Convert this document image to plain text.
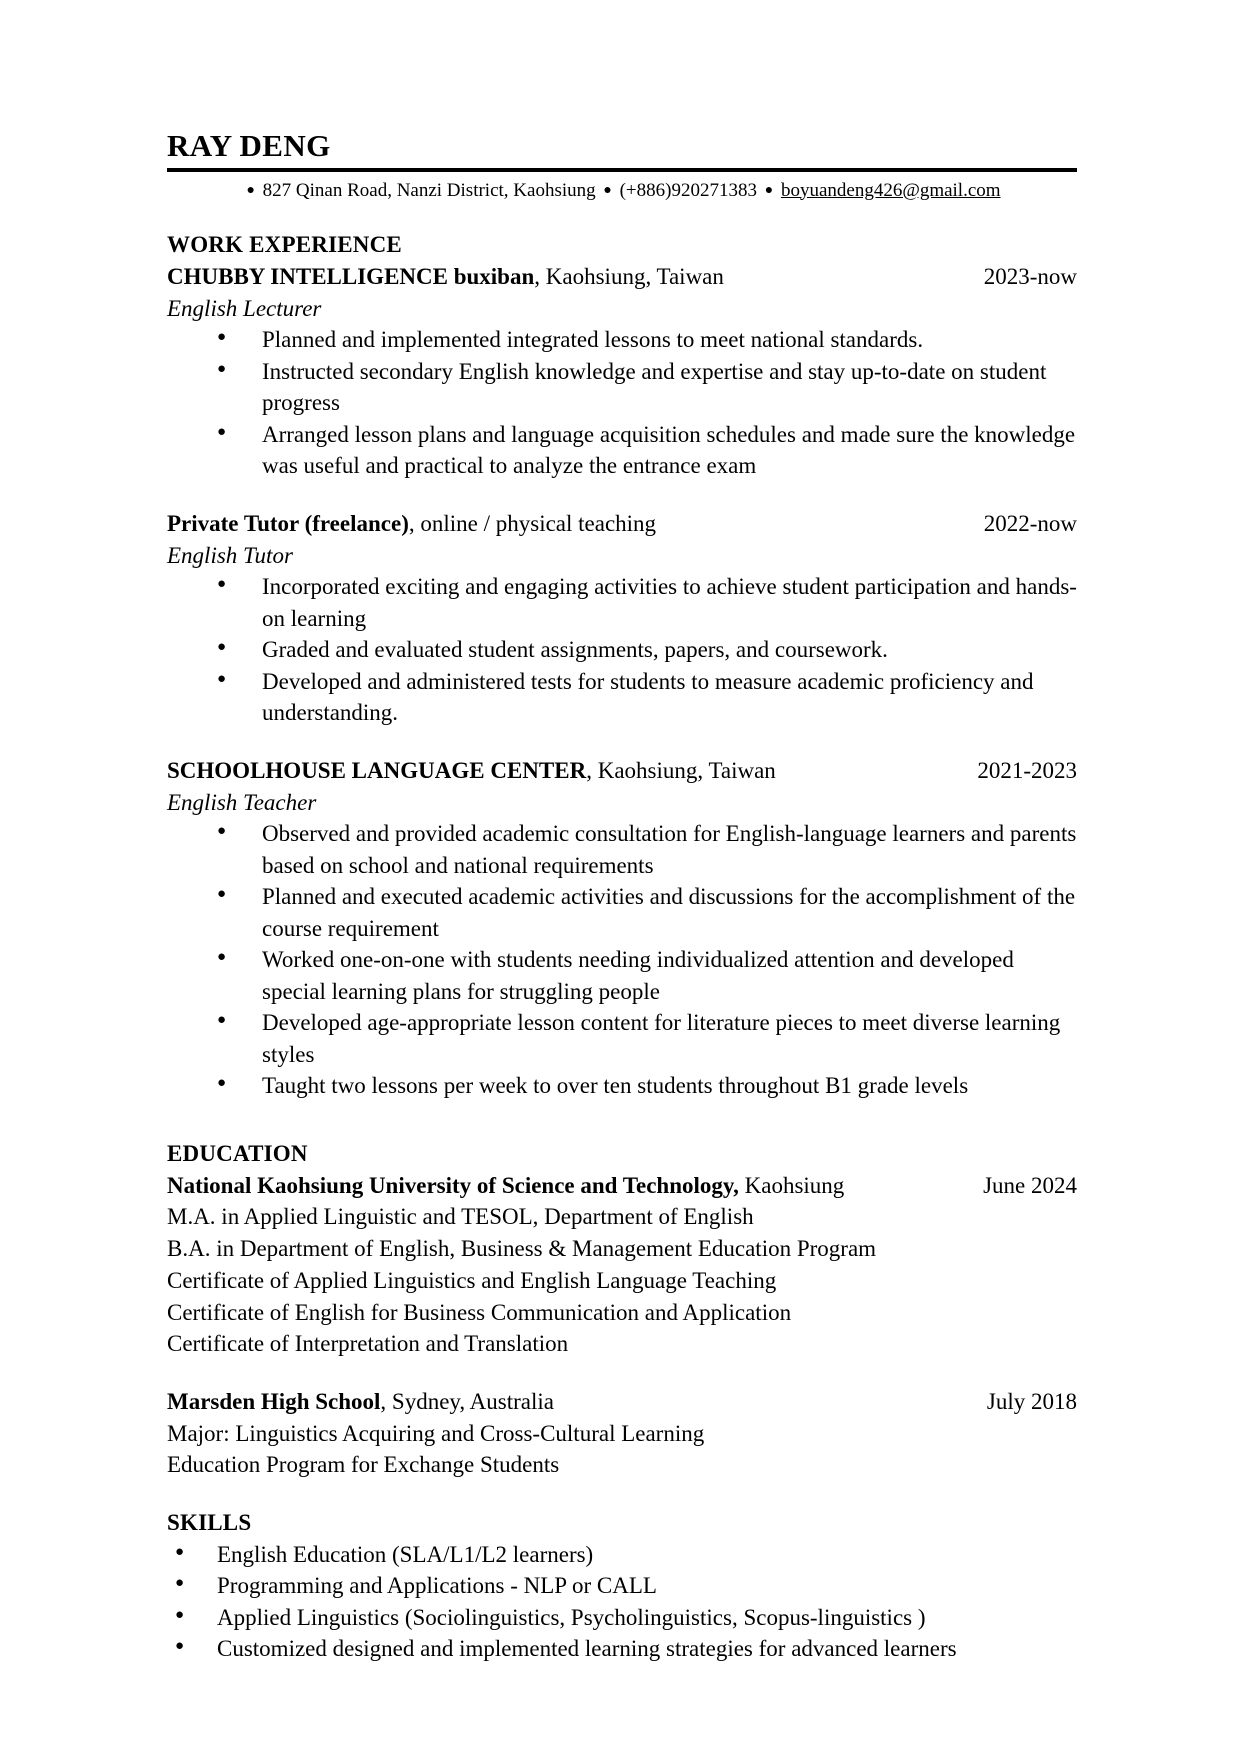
RAY DENG

● 827 Qinan Road, Nanzi District, Kaohsiung ● (+886)920271383 ● boyuandeng426@gmail.com

WORK EXPERIENCE
CHUBBY INTELLIGENCE buxiban, Kaohsiung, Taiwan	2023-now
English Lecturer
● Planned and implemented integrated lessons to meet national standards.
● Instructed secondary English knowledge and expertise and stay up-to-date on student progress
● Arranged lesson plans and language acquisition schedules and made sure the knowledge was useful and practical to analyze the entrance exam
Private Tutor (freelance), online / physical teaching	2022-now
English Tutor
● Incorporated exciting and engaging activities to achieve student participation and hands-on learning
● Graded and evaluated student assignments, papers, and coursework.
● Developed and administered tests for students to measure academic proficiency and understanding.
SCHOOLHOUSE LANGUAGE CENTER, Kaohsiung, Taiwan	2021-2023
English Teacher
● Observed and provided academic consultation for English-language learners and parents based on school and national requirements
● Planned and executed academic activities and discussions for the accomplishment of the course requirement
● Worked one-on-one with students needing individualized attention and developed special learning plans for struggling people
● Developed age-appropriate lesson content for literature pieces to meet diverse learning styles
● Taught two lessons per week to over ten students throughout B1 grade levels
EDUCATION
National Kaohsiung University of Science and Technology, Kaohsiung	June 2024
M.A. in Applied Linguistic and TESOL, Department of English
B.A. in Department of English, Business & Management Education Program
Certificate of Applied Linguistics and English Language Teaching
Certificate of English for Business Communication and Application
Certificate of Interpretation and Translation
Marsden High School, Sydney, Australia	July 2018
Major: Linguistics Acquiring and Cross-Cultural Learning
Education Program for Exchange Students
SKILLS
● English Education (SLA/L1/L2 learners)
● Programming and Applications - NLP or CALL
● Applied Linguistics (Sociolinguistics, Psycholinguistics, Scopus-linguistics )
● Customized designed and implemented learning strategies for advanced learners
